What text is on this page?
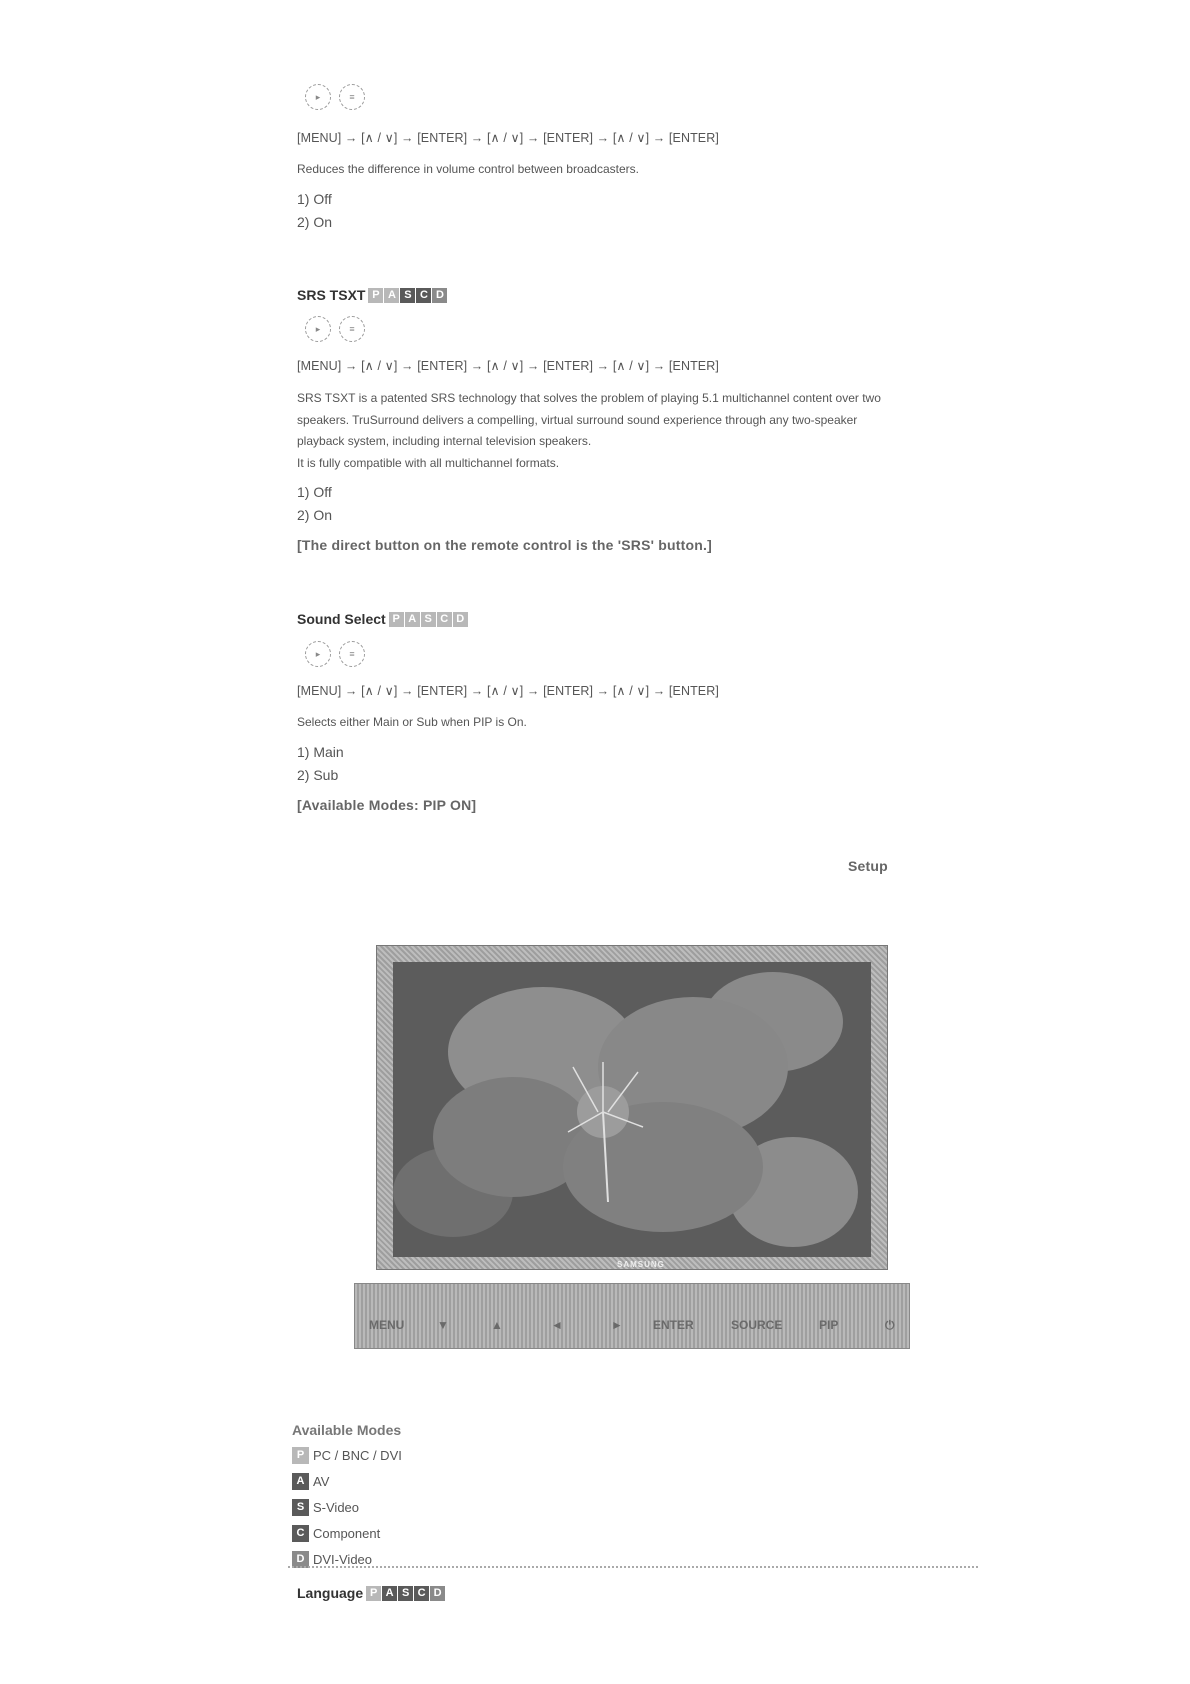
▸	≡
[MENU] → [∧ / ∨] → [ENTER] → [∧ / ∨] → [ENTER] → [∧ / ∨] → [ENTER]
Reduces the difference in volume control between broadcasters.
1) Off
2) On
SRS TSXT P A S C D
▸	≡
[MENU] → [∧ / ∨] → [ENTER] → [∧ / ∨] → [ENTER] → [∧ / ∨] → [ENTER]
SRS TSXT is a patented SRS technology that solves the problem of playing 5.1 multichannel content over two
speakers. TruSurround delivers a compelling, virtual surround sound experience through any two-speaker
playback system, including internal television speakers.
It is fully compatible with all multichannel formats.
1) Off
2) On
[The direct button on the remote control is the 'SRS' button.]
Sound Select P A S C D
▸	≡
[MENU] → [∧ / ∨] → [ENTER] → [∧ / ∨] → [ENTER] → [∧ / ∨] → [ENTER]
Selects either Main or Sub when PIP is On.
1) Main
2) Sub
[Available Modes: PIP ON]
Setup
SAMSUNG
MENU	▼	▲	◄	►	ENTER	SOURCE	PIP	⏻
Available Modes
P PC / BNC / DVI
A AV
S S-Video
C Component
D DVI-Video
Language P A S C D
